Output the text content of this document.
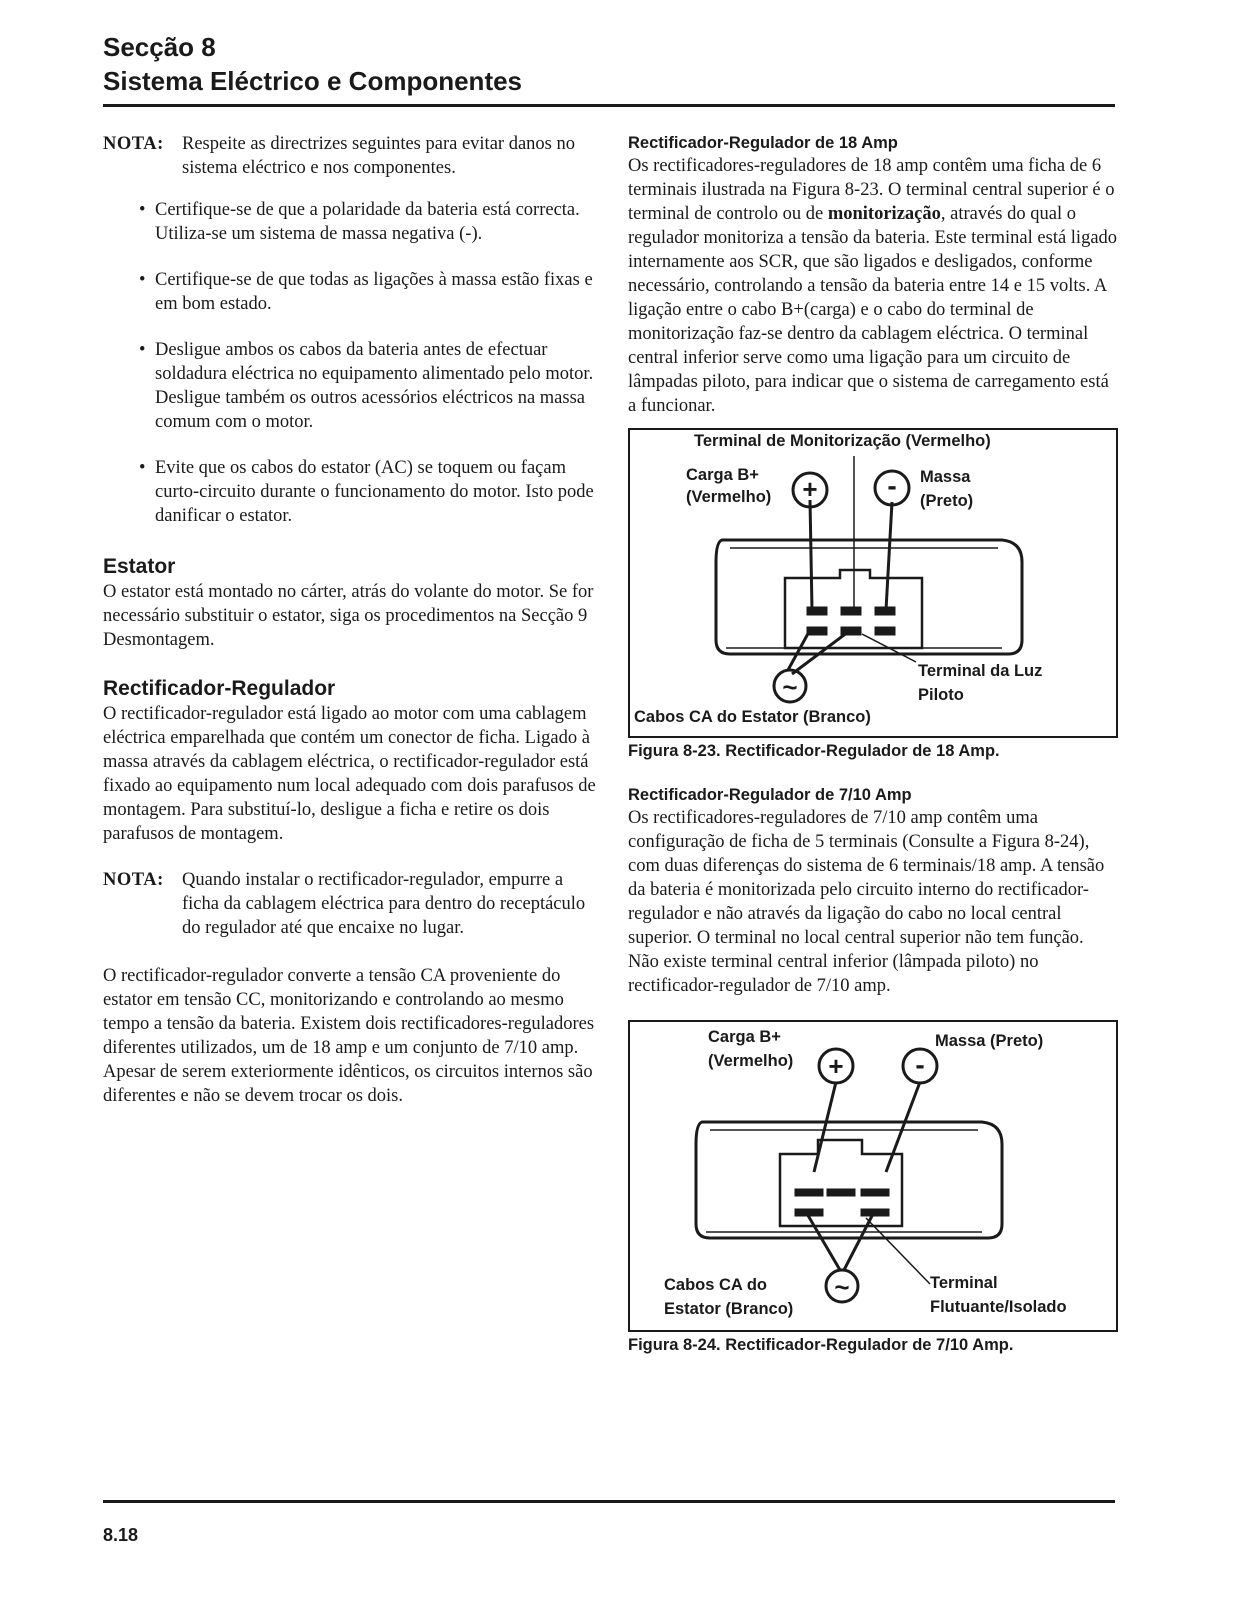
Secção 8
Sistema Eléctrico e Componentes
NOTA: Respeite as directrizes seguintes para evitar danos no sistema eléctrico e nos componentes.
• Certifique-se de que a polaridade da bateria está correcta. Utiliza-se um sistema de massa negativa (-).
• Certifique-se de que todas as ligações à massa estão fixas e em bom estado.
• Desligue ambos os cabos da bateria antes de efectuar soldadura eléctrica no equipamento alimentado pelo motor. Desligue também os outros acessórios eléctricos na massa comum com o motor.
• Evite que os cabos do estator (AC) se toquem ou façam curto-circuito durante o funcionamento do motor. Isto pode danificar o estator.
Estator

O estator está montado no cárter, atrás do volante do motor. Se for necessário substituir o estator, siga os procedimentos na Secção 9 Desmontagem.

Rectificador-Regulador

O rectificador-regulador está ligado ao motor com uma cablagem eléctrica emparelhada que contém um conector de ficha. Ligado à massa através da cablagem eléctrica, o rectificador-regulador está fixado ao equipamento num local adequado com dois parafusos de montagem. Para substituí-lo, desligue a ficha e retire os dois parafusos de montagem.

NOTA: Quando instalar o rectificador-regulador, empurre a ficha da cablagem eléctrica para dentro do receptáculo do regulador até que encaixe no lugar.

O rectificador-regulador converte a tensão CA proveniente do estator em tensão CC, monitorizando e controlando ao mesmo tempo a tensão da bateria. Existem dois rectificadores-reguladores diferentes utilizados, um de 18 amp e um conjunto de 7/10 amp. Apesar de serem exteriormente idênticos, os circuitos internos são diferentes e não se devem trocar os dois.

Rectificador-Regulador de 18 Amp

Os rectificadores-reguladores de 18 amp contêm uma ficha de 6 terminais ilustrada na Figura 8-23. O terminal central superior é o terminal de controlo ou de monitorização, através do qual o regulador monitoriza a tensão da bateria. Este terminal está ligado internamente aos SCR, que são ligados e desligados, conforme necessário, controlando a tensão da bateria entre 14 e 15 volts. A ligação entre o cabo B+(carga) e o cabo do terminal de monitorização faz-se dentro da cablagem eléctrica. O terminal central inferior serve como uma ligação para um circuito de lâmpadas piloto, para indicar que o sistema de carregamento está a funcionar.

+ -
~
Terminal de Monitorização (Vermelho)
Carga B+
(Vermelho)
Massa
(Preto)
Terminal da Luz
Piloto
Cabos CA do Estator (Branco)
Figura 8-23. Rectificador-Regulador de 18 Amp.
Rectificador-Regulador de 7/10 Amp

Os rectificadores-reguladores de 7/10 amp contêm uma configuração de ficha de 5 terminais (Consulte a Figura 8-24), com duas diferenças do sistema de 6 terminais/18 amp. A tensão da bateria é monitorizada pelo circuito interno do rectificador-regulador e não através da ligação do cabo no local central superior. O terminal no local central superior não tem função. Não existe terminal central inferior (lâmpada piloto) no rectificador-regulador de 7/10 amp.

+	-
~
Carga B+
(Vermelho)
Massa (Preto)
Cabos CA do
Estator (Branco)
Terminal
Flutuante/Isolado
Figura 8-24. Rectificador-Regulador de 7/10 Amp.
8.18
